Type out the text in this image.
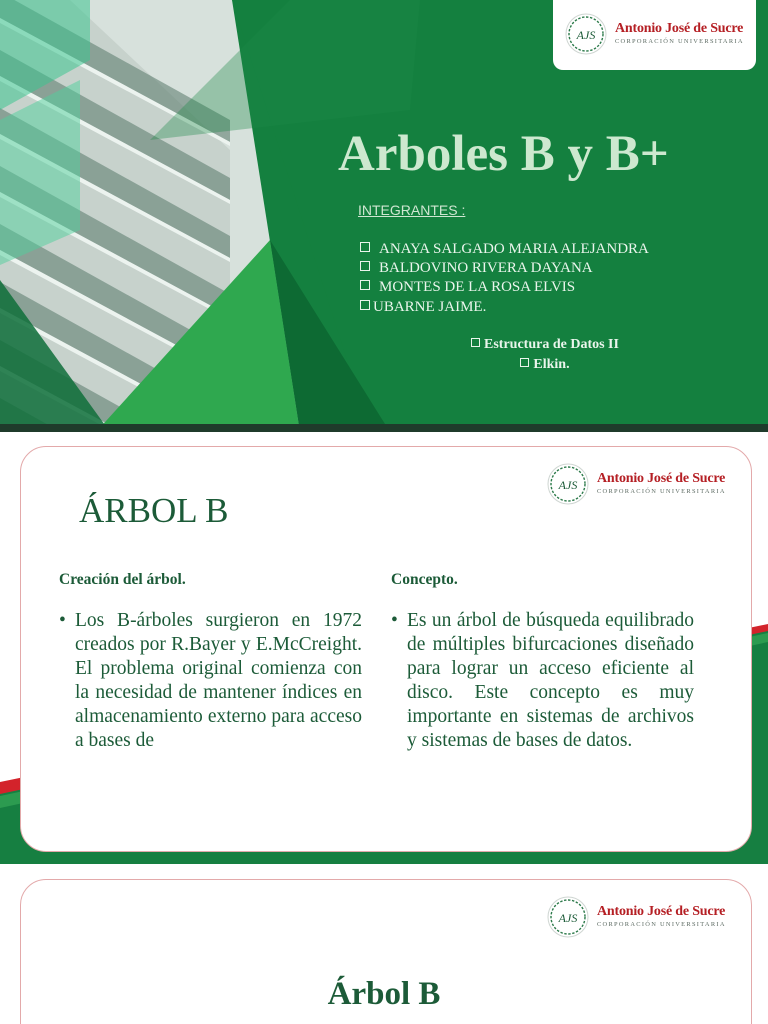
AJS Antonio José de Sucre
CORPORACIÓN UNIVERSITARIA
Arboles B y B+
INTEGRANTES :
ANAYA SALGADO MARIA ALEJANDRA
BALDOVINO RIVERA DAYANA
MONTES DE LA ROSA ELVIS
UBARNE JAIME.
Estructura de Datos II
Elkin.
AJS Antonio José de Sucre
CORPORACIÓN UNIVERSITARIA
ÁRBOL B
Creación del árbol.

• Los B-árboles surgieron en 1972 creados por R.Bayer y E.McCreight. El problema original comienza con la necesidad de mantener índices en almacenamiento externo para acceso a bases de

Concepto.

• Es un árbol de búsqueda equilibrado de múltiples bifurcaciones diseñado para lograr un acceso eficiente al disco. Este concepto es muy importante en sistemas de archivos y sistemas de bases de datos.

AJS Antonio José de Sucre
CORPORACIÓN UNIVERSITARIA
Árbol B
